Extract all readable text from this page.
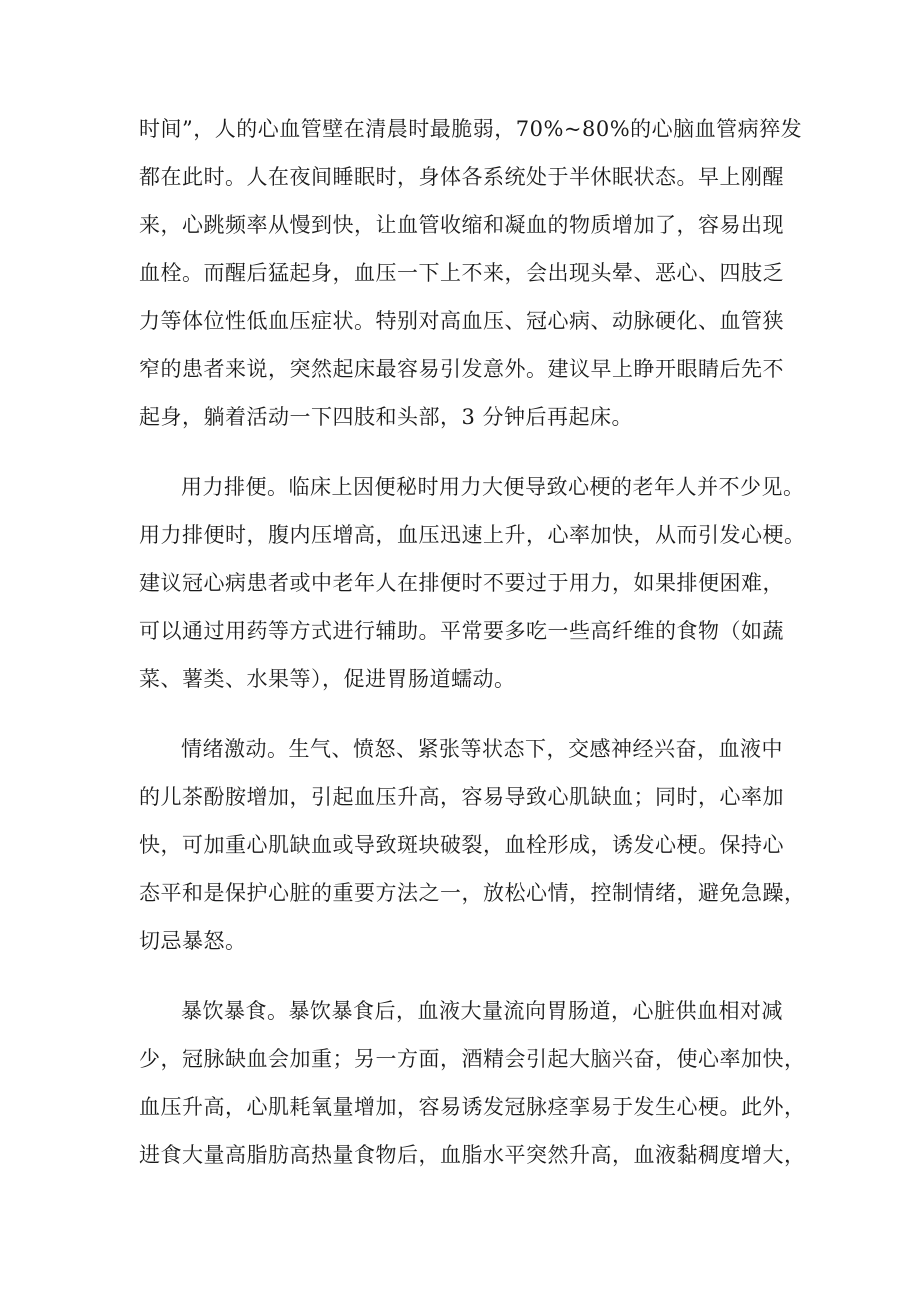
时间”，人的心血管壁在清晨时最脆弱，70%~80%的心脑血管病猝发

都在此时。人在夜间睡眠时，身体各系统处于半休眠状态。早上刚醒

来，心跳频率从慢到快，让血管收缩和凝血的物质增加了，容易出现

血栓。而醒后猛起身，血压一下上不来，会出现头晕、恶心、四肢乏

力等体位性低血压症状。特别对高血压、冠心病、动脉硬化、血管狭

窄的患者来说，突然起床最容易引发意外。建议早上睁开眼睛后先不

起身，躺着活动一下四肢和头部，3 分钟后再起床。

用力排便。临床上因便秘时用力大便导致心梗的老年人并不少见。

用力排便时，腹内压增高，血压迅速上升，心率加快，从而引发心梗。

建议冠心病患者或中老年人在排便时不要过于用力，如果排便困难，

可以通过用药等方式进行辅助。平常要多吃一些高纤维的食物（如蔬

菜、薯类、水果等），促进胃肠道蠕动。

情绪激动。生气、愤怒、紧张等状态下，交感神经兴奋，血液中

的儿茶酚胺增加，引起血压升高，容易导致心肌缺血；同时，心率加

快，可加重心肌缺血或导致斑块破裂，血栓形成，诱发心梗。保持心

态平和是保护心脏的重要方法之一，放松心情，控制情绪，避免急躁，

切忌暴怒。

暴饮暴食。暴饮暴食后，血液大量流向胃肠道，心脏供血相对减

少，冠脉缺血会加重；另一方面，酒精会引起大脑兴奋，使心率加快，

血压升高，心肌耗氧量增加，容易诱发冠脉痉挛易于发生心梗。此外，

进食大量高脂肪高热量食物后，血脂水平突然升高，血液黏稠度增大，
